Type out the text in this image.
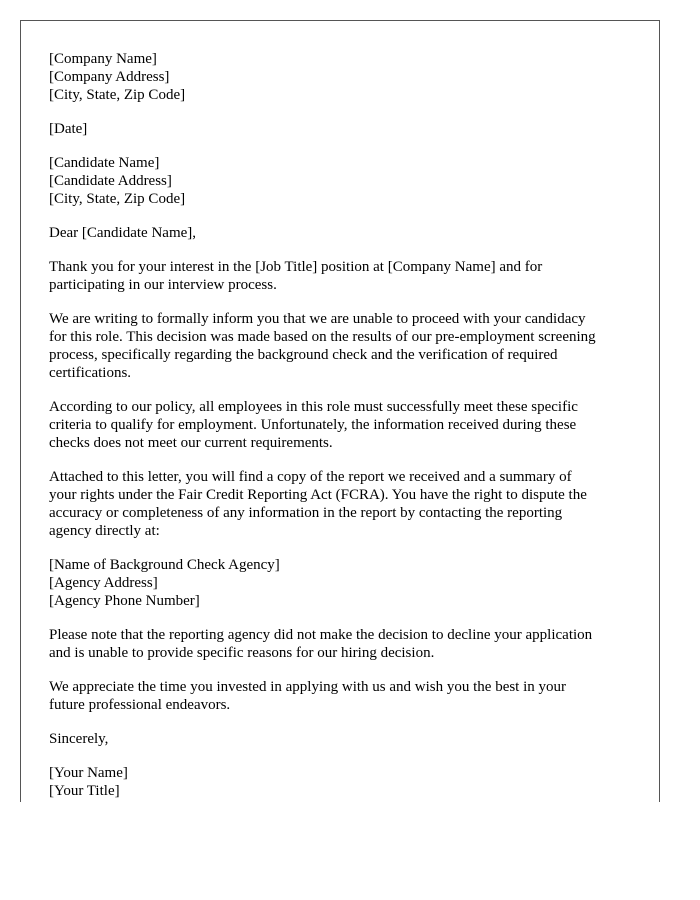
[Company Name]
[Company Address]
[City, State, Zip Code]
[Date]
[Candidate Name]
[Candidate Address]
[City, State, Zip Code]
Dear [Candidate Name],
Thank you for your interest in the [Job Title] position at [Company Name] and for
participating in our interview process.
We are writing to formally inform you that we are unable to proceed with your candidacy
for this role. This decision was made based on the results of our pre-employment screening
process, specifically regarding the background check and the verification of required
certifications.
According to our policy, all employees in this role must successfully meet these specific
criteria to qualify for employment. Unfortunately, the information received during these
checks does not meet our current requirements.
Attached to this letter, you will find a copy of the report we received and a summary of
your rights under the Fair Credit Reporting Act (FCRA). You have the right to dispute the
accuracy or completeness of any information in the report by contacting the reporting
agency directly at:
[Name of Background Check Agency]
[Agency Address]
[Agency Phone Number]
Please note that the reporting agency did not make the decision to decline your application
and is unable to provide specific reasons for our hiring decision.
We appreciate the time you invested in applying with us and wish you the best in your
future professional endeavors.
Sincerely,
[Your Name]
[Your Title]
